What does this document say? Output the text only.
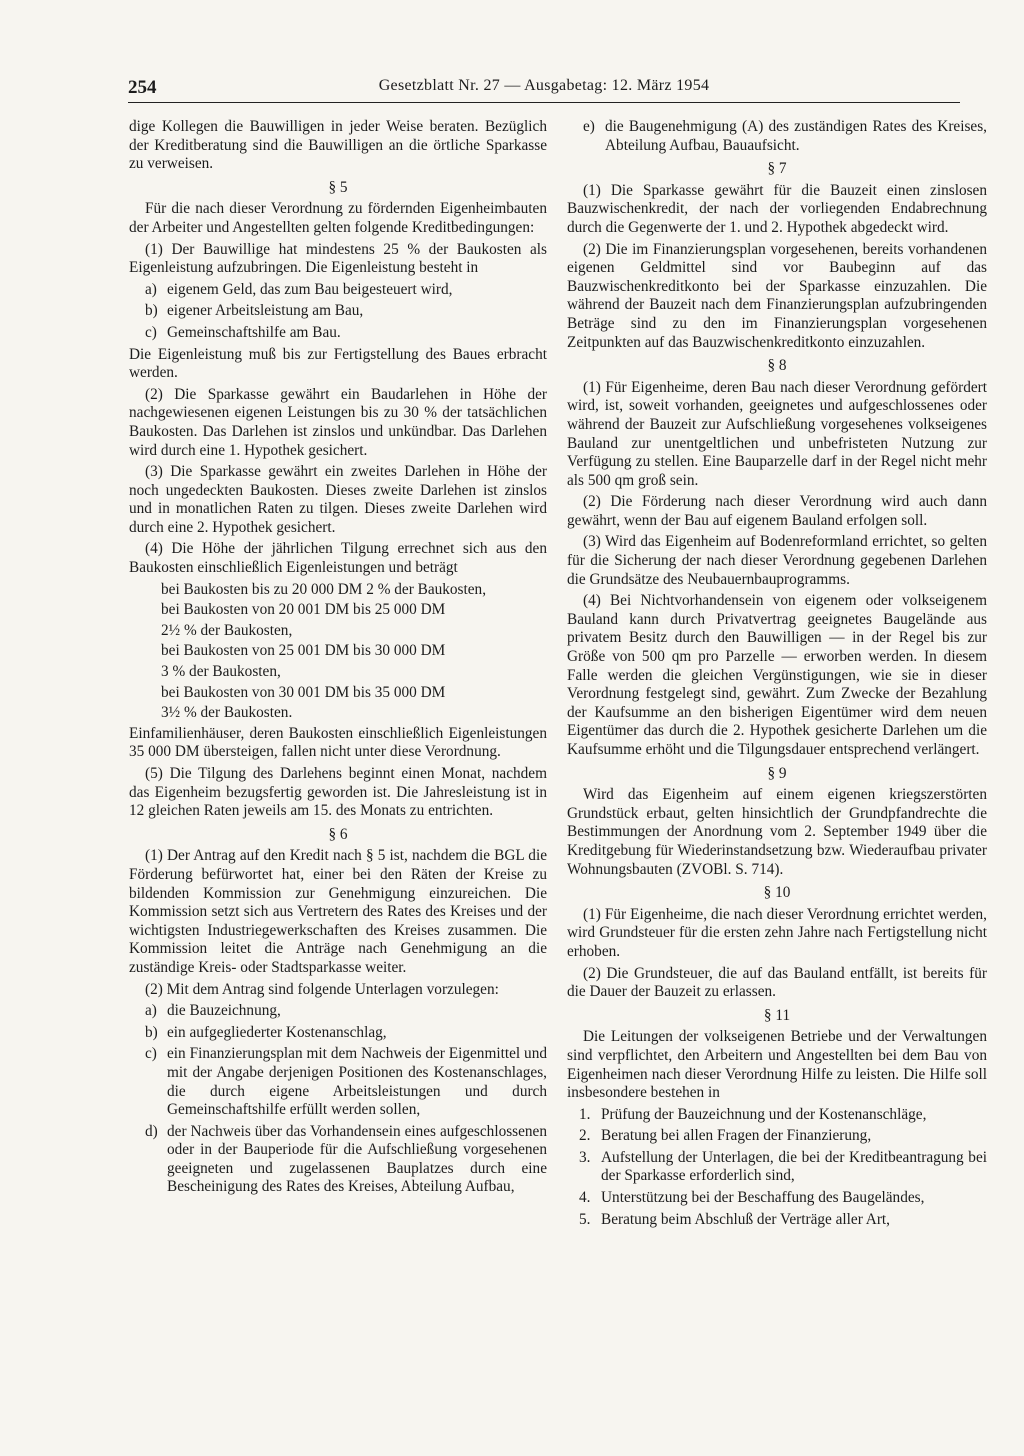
254	Gesetzblatt Nr. 27 — Ausgabetag: 12. März 1954

dige Kollegen die Bauwilligen in jeder Weise beraten. Bezüglich der Kreditberatung sind die Bauwilligen an die örtliche Sparkasse zu verweisen.

§ 5

Für die nach dieser Verordnung zu fördernden Eigenheimbauten der Arbeiter und Angestellten gelten folgende Kreditbedingungen:

(1) Der Bauwillige hat mindestens 25 % der Baukosten als Eigenleistung aufzubringen. Die Eigenleistung besteht in

a) eigenem Geld, das zum Bau beigesteuert wird,
b) eigener Arbeitsleistung am Bau,
c) Gemeinschaftshilfe am Bau.

Die Eigenleistung muß bis zur Fertigstellung des Baues erbracht werden.

(2) Die Sparkasse gewährt ein Baudarlehen in Höhe der nachgewiesenen eigenen Leistungen bis zu 30 % der tatsächlichen Baukosten. Das Darlehen ist zinslos und unkündbar. Das Darlehen wird durch eine 1. Hypothek gesichert.

(3) Die Sparkasse gewährt ein zweites Darlehen in Höhe der noch ungedeckten Baukosten. Dieses zweite Darlehen ist zinslos und in monatlichen Raten zu tilgen. Dieses zweite Darlehen wird durch eine 2. Hypothek gesichert.

(4) Die Höhe der jährlichen Tilgung errechnet sich aus den Baukosten einschließlich Eigenleistungen und beträgt

bei Baukosten bis zu 20 000 DM 2 % der Baukosten,
bei Baukosten von 20 001 DM bis 25 000 DM
2½ % der Baukosten,
bei Baukosten von 25 001 DM bis 30 000 DM
3 % der Baukosten,
bei Baukosten von 30 001 DM bis 35 000 DM
3½ % der Baukosten.

Einfamilienhäuser, deren Baukosten einschließlich Eigenleistungen 35 000 DM übersteigen, fallen nicht unter diese Verordnung.

(5) Die Tilgung des Darlehens beginnt einen Monat, nachdem das Eigenheim bezugsfertig geworden ist. Die Jahresleistung ist in 12 gleichen Raten jeweils am 15. des Monats zu entrichten.

§ 6

(1) Der Antrag auf den Kredit nach § 5 ist, nachdem die BGL die Förderung befürwortet hat, einer bei den Räten der Kreise zu bildenden Kommission zur Genehmigung einzureichen. Die Kommission setzt sich aus Vertretern des Rates des Kreises und der wichtigsten Industriegewerkschaften des Kreises zusammen. Die Kommission leitet die Anträge nach Genehmigung an die zuständige Kreis- oder Stadtsparkasse weiter.

(2) Mit dem Antrag sind folgende Unterlagen vorzulegen:

a) die Bauzeichnung,
b) ein aufgegliederter Kostenanschlag,
c) ein Finanzierungsplan mit dem Nachweis der Eigenmittel und mit der Angabe derjenigen Positionen des Kostenanschlages, die durch eigene Arbeitsleistungen und durch Gemeinschaftshilfe erfüllt werden sollen,
d) der Nachweis über das Vorhandensein eines aufgeschlossenen oder in der Bauperiode für die Aufschließung vorgesehenen geeigneten und zugelassenen Bauplatzes durch eine Bescheinigung des Rates des Kreises, Abteilung Aufbau,
e) die Baugenehmigung (A) des zuständigen Rates des Kreises, Abteilung Aufbau, Bauaufsicht.
§ 7

(1) Die Sparkasse gewährt für die Bauzeit einen zinslosen Bauzwischenkredit, der nach der vorliegenden Endabrechnung durch die Gegenwerte der 1. und 2. Hypothek abgedeckt wird.

(2) Die im Finanzierungsplan vorgesehenen, bereits vorhandenen eigenen Geldmittel sind vor Baubeginn auf das Bauzwischenkreditkonto bei der Sparkasse einzuzahlen. Die während der Bauzeit nach dem Finanzierungsplan aufzubringenden Beträge sind zu den im Finanzierungsplan vorgesehenen Zeitpunkten auf das Bauzwischenkreditkonto einzuzahlen.

§ 8

(1) Für Eigenheime, deren Bau nach dieser Verordnung gefördert wird, ist, soweit vorhanden, geeignetes und aufgeschlossenes oder während der Bauzeit zur Aufschließung vorgesehenes volkseigenes Bauland zur unentgeltlichen und unbefristeten Nutzung zur Verfügung zu stellen. Eine Bauparzelle darf in der Regel nicht mehr als 500 qm groß sein.

(2) Die Förderung nach dieser Verordnung wird auch dann gewährt, wenn der Bau auf eigenem Bauland erfolgen soll.

(3) Wird das Eigenheim auf Bodenreformland errichtet, so gelten für die Sicherung der nach dieser Verordnung gegebenen Darlehen die Grundsätze des Neubauernbauprogramms.

(4) Bei Nichtvorhandensein von eigenem oder volkseigenem Bauland kann durch Privatvertrag geeignetes Baugelände aus privatem Besitz durch den Bauwilligen — in der Regel bis zur Größe von 500 qm pro Parzelle — erworben werden. In diesem Falle werden die gleichen Vergünstigungen, wie sie in dieser Verordnung festgelegt sind, gewährt. Zum Zwecke der Bezahlung der Kaufsumme an den bisherigen Eigentümer wird dem neuen Eigentümer das durch die 2. Hypothek gesicherte Darlehen um die Kaufsumme erhöht und die Tilgungsdauer entsprechend verlängert.

§ 9

Wird das Eigenheim auf einem eigenen kriegszerstörten Grundstück erbaut, gelten hinsichtlich der Grundpfandrechte die Bestimmungen der Anordnung vom 2. September 1949 über die Kreditgebung für Wiederinstandsetzung bzw. Wiederaufbau privater Wohnungsbauten (ZVOBl. S. 714).

§ 10

(1) Für Eigenheime, die nach dieser Verordnung errichtet werden, wird Grundsteuer für die ersten zehn Jahre nach Fertigstellung nicht erhoben.

(2) Die Grundsteuer, die auf das Bauland entfällt, ist bereits für die Dauer der Bauzeit zu erlassen.

§ 11

Die Leitungen der volkseigenen Betriebe und der Verwaltungen sind verpflichtet, den Arbeitern und Angestellten bei dem Bau von Eigenheimen nach dieser Verordnung Hilfe zu leisten. Die Hilfe soll insbesondere bestehen in

1. Prüfung der Bauzeichnung und der Kostenanschläge,
2. Beratung bei allen Fragen der Finanzierung,
3. Aufstellung der Unterlagen, die bei der Kreditbeantragung bei der Sparkasse erforderlich sind,
4. Unterstützung bei der Beschaffung des Baugeländes,
5. Beratung beim Abschluß der Verträge aller Art,
